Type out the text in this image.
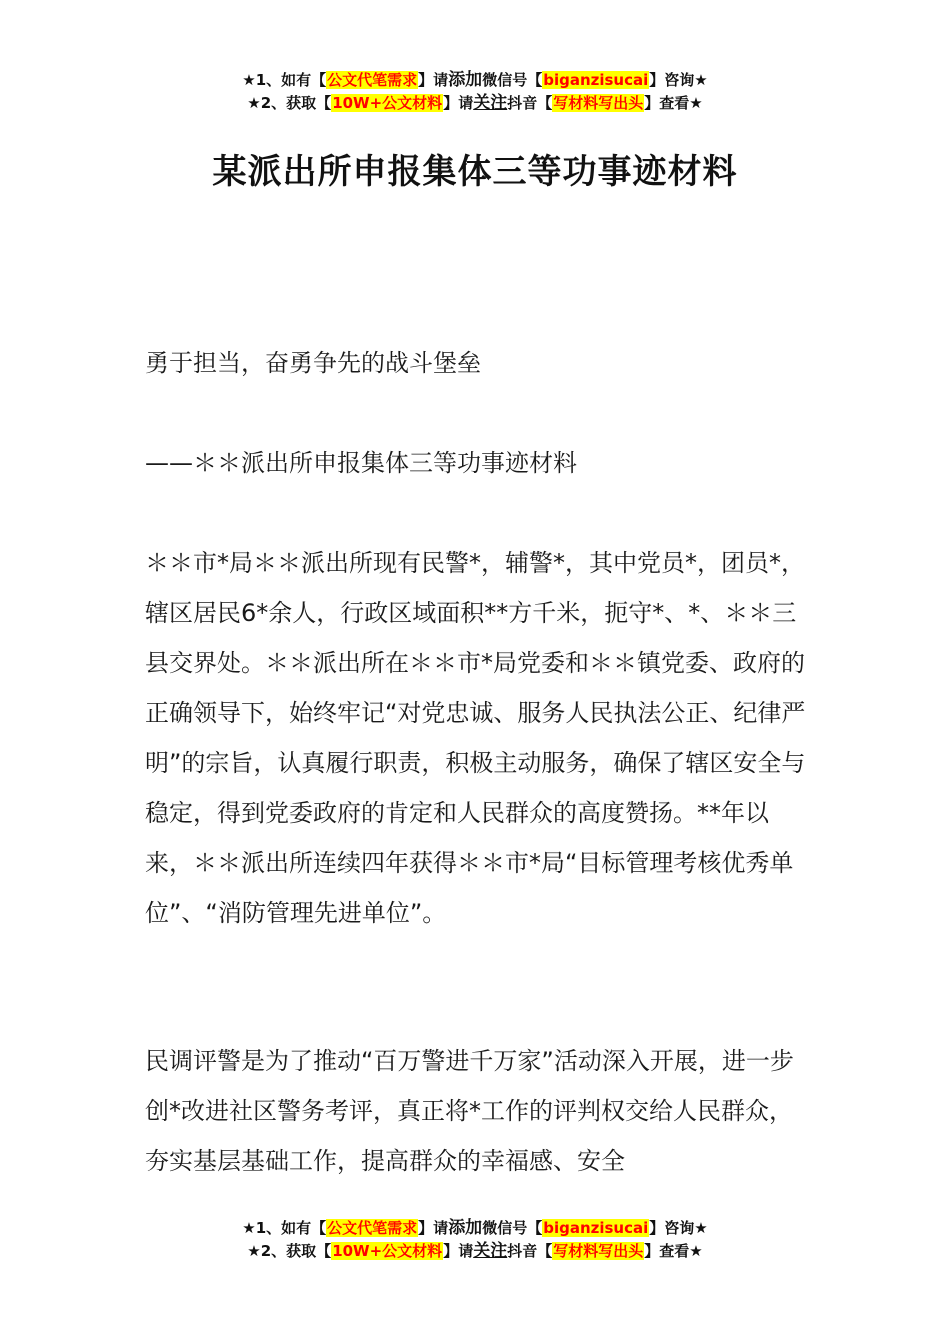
★1、如有【公文代笔需求】请添加微信号【biganzisucai】咨询★
★2、获取【10W+公文材料】请关注抖音【写材料写出头】查看★
某派出所申报集体三等功事迹材料

勇于担当，奋勇争先的战斗堡垒

——＊＊派出所申报集体三等功事迹材料

＊＊市*局＊＊派出所现有民警*，辅警*，其中党员*，团员*，辖区居民6*余人，行政区域面积**方千米，扼守*、*、＊＊三县交界处。＊＊派出所在＊＊市*局党委和＊＊镇党委、政府的正确领导下，始终牢记“对党忠诚、服务人民执法公正、纪律严明”的宗旨，认真履行职责，积极主动服务，确保了辖区安全与稳定，得到党委政府的肯定和人民群众的高度赞扬。**年以来，＊＊派出所连续四年获得＊＊市*局“目标管理考核优秀单位”、“消防管理先进单位”。

民调评警是为了推动“百万警进千万家”活动深入开展，进一步创*改进社区警务考评，真正将*工作的评判权交给人民群众，夯实基层基础工作，提高群众的幸福感、安全

★1、如有【公文代笔需求】请添加微信号【biganzisucai】咨询★
★2、获取【10W+公文材料】请关注抖音【写材料写出头】查看★
